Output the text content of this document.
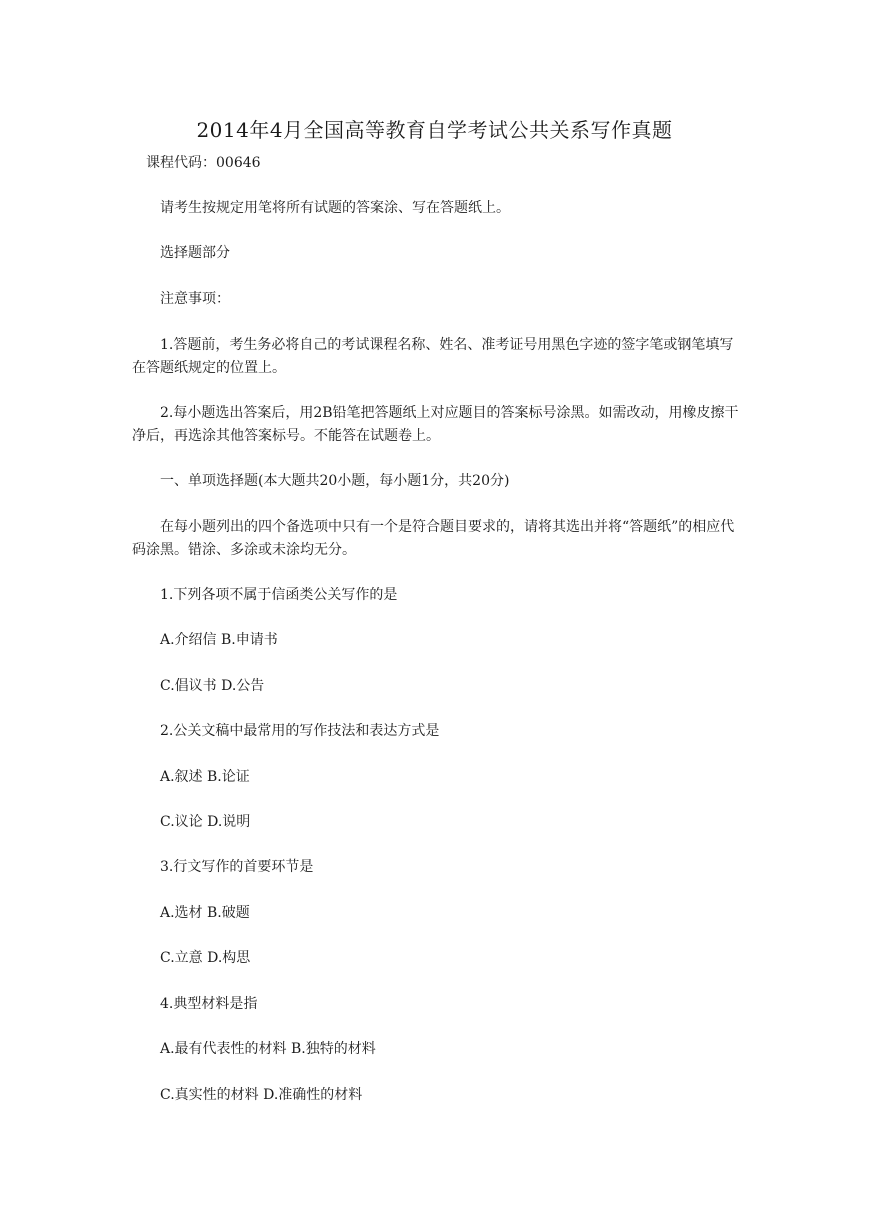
2014年4月全国高等教育自学考试公共关系写作真题

课程代码：00646

请考生按规定用笔将所有试题的答案涂、写在答题纸上。

选择题部分

注意事项：

1.答题前，考生务必将自己的考试课程名称、姓名、准考证号用黑色字迹的签字笔或钢笔填写在答题纸规定的位置上。

2.每小题选出答案后，用2B铅笔把答题纸上对应题目的答案标号涂黑。如需改动，用橡皮擦干净后，再选涂其他答案标号。不能答在试题卷上。

一、单项选择题(本大题共20小题，每小题1分，共20分)

在每小题列出的四个备选项中只有一个是符合题目要求的，请将其选出并将“答题纸”的相应代码涂黑。错涂、多涂或未涂均无分。

1.下列各项不属于信函类公关写作的是

A.介绍信 B.申请书

C.倡议书 D.公告

2.公关文稿中最常用的写作技法和表达方式是

A.叙述 B.论证

C.议论 D.说明

3.行文写作的首要环节是

A.选材 B.破题

C.立意 D.构思

4.典型材料是指

A.最有代表性的材料 B.独特的材料

C.真实性的材料 D.准确性的材料
